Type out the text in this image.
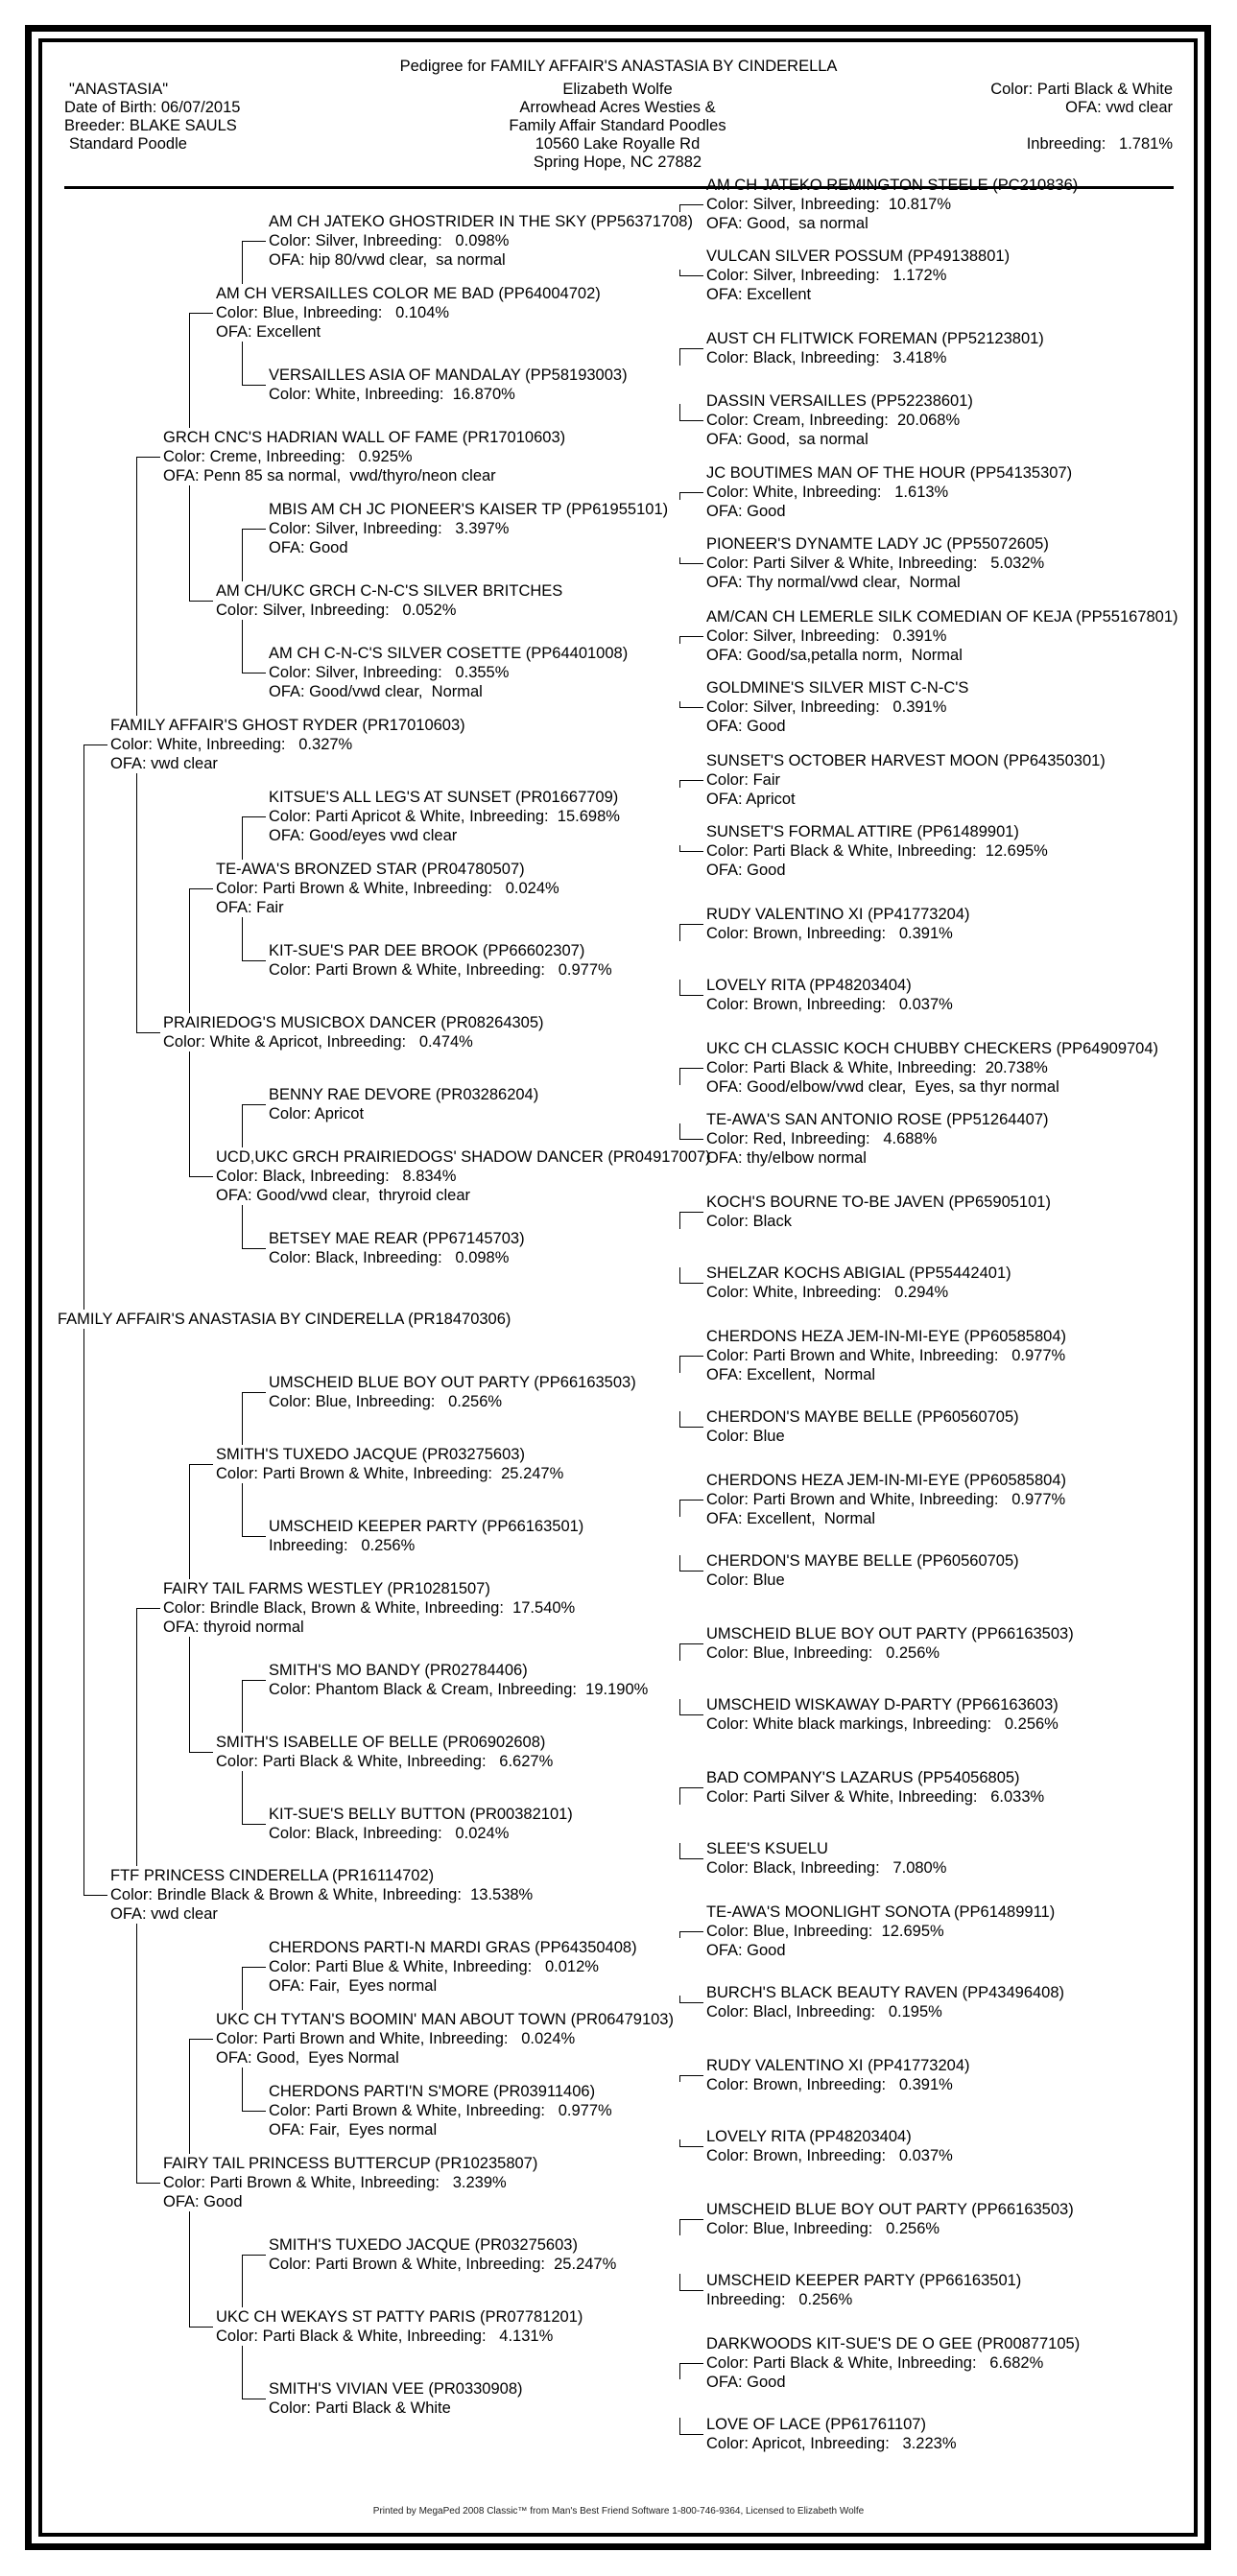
Pedigree for FAMILY AFFAIR'S ANASTASIA BY CINDERELLA
"ANASTASIA"
Date of Birth: 06/07/2015
Breeder: BLAKE SAULS
Standard Poodle
Elizabeth Wolfe
Arrowhead Acres Westies &
Family Affair Standard Poodles
10560 Lake Royalle Rd
Spring Hope, NC 27882
Color: Parti Black & White
OFA: vwd clear
Inbreeding:   1.781%
FAMILY AFFAIR'S ANASTASIA BY CINDERELLA (PR18470306)
FAMILY AFFAIR'S GHOST RYDER (PR17010603)
Color: White, Inbreeding:   0.327%
OFA: vwd clear
FTF PRINCESS CINDERELLA (PR16114702)
Color: Brindle Black & Brown & White, Inbreeding:  13.538%
OFA: vwd clear
GRCH CNC'S HADRIAN WALL OF FAME (PR17010603)
Color: Creme, Inbreeding:   0.925%
OFA: Penn 85 sa normal,  vwd/thyro/neon clear
PRAIRIEDOG'S MUSICBOX DANCER (PR08264305)
Color: White & Apricot, Inbreeding:   0.474%
FAIRY TAIL FARMS WESTLEY (PR10281507)
Color: Brindle Black, Brown & White, Inbreeding:  17.540%
OFA: thyroid normal
FAIRY TAIL PRINCESS BUTTERCUP (PR10235807)
Color: Parti Brown & White, Inbreeding:   3.239%
OFA: Good
AM CH VERSAILLES COLOR ME BAD (PP64004702)
Color: Blue, Inbreeding:   0.104%
OFA: Excellent
AM CH/UKC GRCH C-N-C'S SILVER BRITCHES
Color: Silver, Inbreeding:   0.052%
TE-AWA'S BRONZED STAR (PR04780507)
Color: Parti Brown & White, Inbreeding:   0.024%
OFA: Fair
UCD,UKC GRCH PRAIRIEDOGS' SHADOW DANCER (PR04917007)
Color: Black, Inbreeding:   8.834%
OFA: Good/vwd clear,  thryroid clear
SMITH'S TUXEDO JACQUE (PR03275603)
Color: Parti Brown & White, Inbreeding:  25.247%
SMITH'S ISABELLE OF BELLE (PR06902608)
Color: Parti Black & White, Inbreeding:   6.627%
UKC CH TYTAN'S BOOMIN' MAN ABOUT TOWN (PR06479103)
Color: Parti Brown and White, Inbreeding:   0.024%
OFA: Good,  Eyes Normal
UKC CH WEKAYS ST PATTY PARIS (PR07781201)
Color: Parti Black & White, Inbreeding:   4.131%
AM CH JATEKO GHOSTRIDER IN THE SKY (PP56371708)
Color: Silver, Inbreeding:   0.098%
OFA: hip 80/vwd clear,  sa normal
VERSAILLES ASIA OF MANDALAY (PP58193003)
Color: White, Inbreeding:  16.870%
MBIS AM CH JC PIONEER'S KAISER TP (PP61955101)
Color: Silver, Inbreeding:   3.397%
OFA: Good
AM CH C-N-C'S SILVER COSETTE (PP64401008)
Color: Silver, Inbreeding:   0.355%
OFA: Good/vwd clear,  Normal
KITSUE'S ALL LEG'S AT SUNSET (PR01667709)
Color: Parti Apricot & White, Inbreeding:  15.698%
OFA: Good/eyes vwd clear
KIT-SUE'S PAR DEE BROOK (PP66602307)
Color: Parti Brown & White, Inbreeding:   0.977%
BENNY RAE DEVORE (PR03286204)
Color: Apricot
BETSEY MAE REAR (PP67145703)
Color: Black, Inbreeding:   0.098%
UMSCHEID BLUE BOY OUT PARTY (PP66163503)
Color: Blue, Inbreeding:   0.256%
UMSCHEID KEEPER PARTY (PP66163501)
Inbreeding:   0.256%
SMITH'S MO BANDY (PR02784406)
Color: Phantom Black & Cream, Inbreeding:  19.190%
KIT-SUE'S BELLY BUTTON (PR00382101)
Color: Black, Inbreeding:   0.024%
CHERDONS PARTI-N MARDI GRAS (PP64350408)
Color: Parti Blue & White, Inbreeding:   0.012%
OFA: Fair,  Eyes normal
CHERDONS PARTI'N S'MORE (PR03911406)
Color: Parti Brown & White, Inbreeding:   0.977%
OFA: Fair,  Eyes normal
SMITH'S TUXEDO JACQUE (PR03275603)
Color: Parti Brown & White, Inbreeding:  25.247%
SMITH'S VIVIAN VEE (PR0330908)
Color: Parti Black & White
AM CH JATEKO REMINGTON STEELE (PC210836)
Color: Silver, Inbreeding:  10.817%
OFA: Good,  sa normal
VULCAN SILVER POSSUM (PP49138801)
Color: Silver, Inbreeding:   1.172%
OFA: Excellent
AUST CH FLITWICK FOREMAN (PP52123801)
Color: Black, Inbreeding:   3.418%
DASSIN VERSAILLES (PP52238601)
Color: Cream, Inbreeding:  20.068%
OFA: Good,  sa normal
JC BOUTIMES MAN OF THE HOUR (PP54135307)
Color: White, Inbreeding:   1.613%
OFA: Good
PIONEER'S DYNAMTE LADY JC (PP55072605)
Color: Parti Silver & White, Inbreeding:   5.032%
OFA: Thy normal/vwd clear,  Normal
AM/CAN CH LEMERLE SILK COMEDIAN OF KEJA (PP55167801)
Color: Silver, Inbreeding:   0.391%
OFA: Good/sa,petalla norm,  Normal
GOLDMINE'S SILVER MIST C-N-C'S
Color: Silver, Inbreeding:   0.391%
OFA: Good
SUNSET'S OCTOBER HARVEST MOON (PP64350301)
Color: Fair
OFA: Apricot
SUNSET'S FORMAL ATTIRE (PP61489901)
Color: Parti Black & White, Inbreeding:  12.695%
OFA: Good
RUDY VALENTINO XI (PP41773204)
Color: Brown, Inbreeding:   0.391%
LOVELY RITA (PP48203404)
Color: Brown, Inbreeding:   0.037%
UKC CH CLASSIC KOCH CHUBBY CHECKERS (PP64909704)
Color: Parti Black & White, Inbreeding:  20.738%
OFA: Good/elbow/vwd clear,  Eyes, sa thyr normal
TE-AWA'S SAN ANTONIO ROSE (PP51264407)
Color: Red, Inbreeding:   4.688%
OFA: thy/elbow normal
KOCH'S BOURNE TO-BE JAVEN (PP65905101)
Color: Black
SHELZAR KOCHS ABIGIAL (PP55442401)
Color: White, Inbreeding:   0.294%
CHERDONS HEZA JEM-IN-MI-EYE (PP60585804)
Color: Parti Brown and White, Inbreeding:   0.977%
OFA: Excellent,  Normal
CHERDON'S MAYBE BELLE (PP60560705)
Color: Blue
CHERDONS HEZA JEM-IN-MI-EYE (PP60585804)
Color: Parti Brown and White, Inbreeding:   0.977%
OFA: Excellent,  Normal
CHERDON'S MAYBE BELLE (PP60560705)
Color: Blue
UMSCHEID BLUE BOY OUT PARTY (PP66163503)
Color: Blue, Inbreeding:   0.256%
UMSCHEID WISKAWAY D-PARTY (PP66163603)
Color: White black markings, Inbreeding:   0.256%
BAD COMPANY'S LAZARUS (PP54056805)
Color: Parti Silver & White, Inbreeding:   6.033%
SLEE'S KSUELU
Color: Black, Inbreeding:   7.080%
TE-AWA'S MOONLIGHT SONOTA (PP61489911)
Color: Blue, Inbreeding:  12.695%
OFA: Good
BURCH'S BLACK BEAUTY RAVEN (PP43496408)
Color: Blacl, Inbreeding:   0.195%
RUDY VALENTINO XI (PP41773204)
Color: Brown, Inbreeding:   0.391%
LOVELY RITA (PP48203404)
Color: Brown, Inbreeding:   0.037%
UMSCHEID BLUE BOY OUT PARTY (PP66163503)
Color: Blue, Inbreeding:   0.256%
UMSCHEID KEEPER PARTY (PP66163501)
Inbreeding:   0.256%
DARKWOODS KIT-SUE'S DE O GEE (PR00877105)
Color: Parti Black & White, Inbreeding:   6.682%
OFA: Good
LOVE OF LACE (PP61761107)
Color: Apricot, Inbreeding:   3.223%
Printed by MegaPed 2008 Classic™ from Man's Best Friend Software 1-800-746-9364, Licensed to Elizabeth Wolfe
